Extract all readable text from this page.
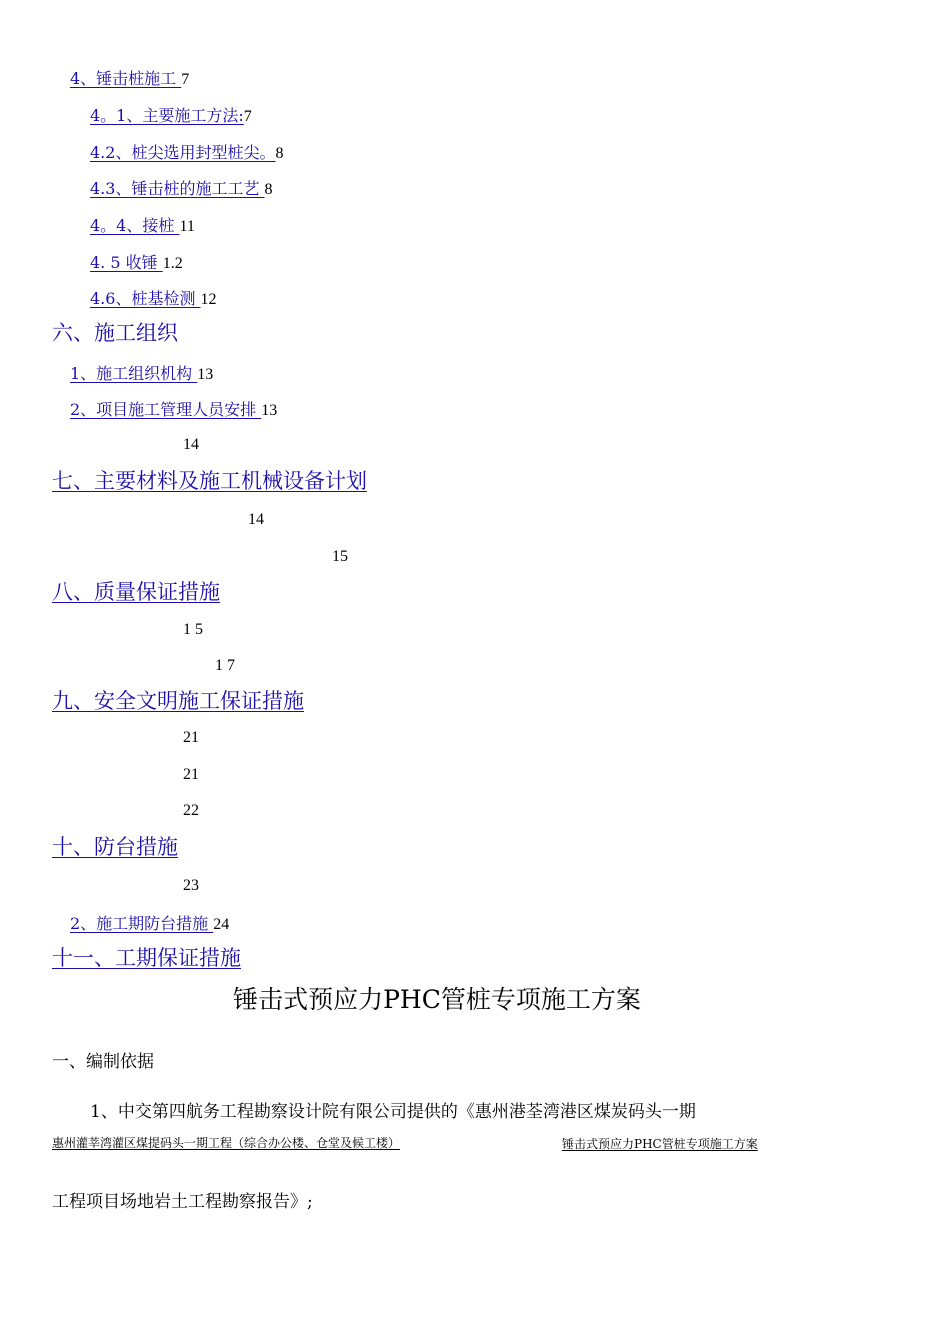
4、锤击桩施工 7
4。1、主要施工方法:7
4.2、桩尖选用封型桩尖。8
4.3、锤击桩的施工工艺 8
4。4、接桩 11
4. 5 收锤 1.2
4.6、桩基检测 12
六、施工组织
1、施工组织机构 13
2、项目施工管理人员安排 13
14
七、主要材料及施工机械设备计划
14
15
八、质量保证措施
1 5
1 7
九、安全文明施工保证措施
21
21
22
十、防台措施
23
2、施工期防台措施 24
十一、工期保证措施
锤击式预应力PHC管桩专项施工方案
一、编制依据
1、中交第四航务工程勘察设计院有限公司提供的《惠州港荃湾港区煤炭码头一期
惠州灌莘湾灌区煤提码头一期工程（综合办公楼、仓堂及候工楼）	锤击式预应力PHC管桩专项施工方案
工程项目场地岩土工程勘察报告》;
